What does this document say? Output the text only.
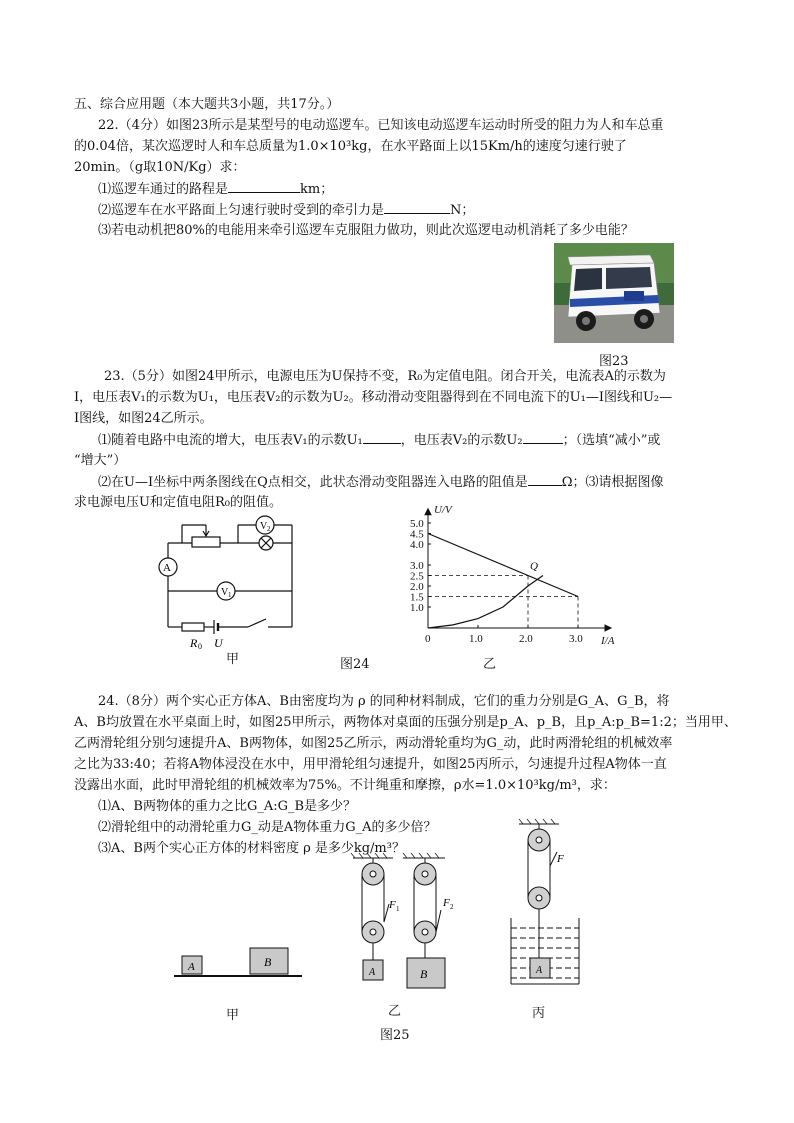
五、综合应用题（本大题共3小题，共17分。）
22.（4分）如图23所示是某型号的电动巡逻车。已知该电动巡逻车运动时所受的阻力为人和车总重
的0.04倍，某次巡逻时人和车总质量为1.0×10³kg，在水平路面上以15Km/h的速度匀速行驶了
20min。（g取10N/Kg）求：
⑴巡逻车通过的路程是	km；
⑵巡逻车在水平路面上匀速行驶时受到的牵引力是	N；
⑶若电动机把80%的电能用来牵引巡逻车克服阻力做功，则此次巡逻电动机消耗了多少电能？
图23
23.（5分）如图24甲所示，电源电压为U保持不变，R₀为定值电阻。闭合开关，电流表A的示数为
I，电压表V₁的示数为U₁，电压表V₂的示数为U₂。移动滑动变阻器得到在不同电流下的U₁—I图线和U₂—
I图线，如图24乙所示。
⑴随着电路中电流的增大，电压表V₁的示数U₁	，电压表V₂的示数U₂	；（选填“减小”或
“增大”）
⑵在U—I坐标中两条图线在Q点相交，此状态滑动变阻器连入电路的阻值是	Ω；⑶请根据图像
求电源电压U和定值电阻R₀的阻值。
A
V 2
V 1
R 0 U
甲	图24
0	1.0	2.0	3.0
1.0
1.5
2.0
2.5
3.0
4.0
4.5
5.0
I/A
U/V
Q
乙
24.（8分）两个实心正方体A、B由密度均为 ρ 的同种材料制成，它们的重力分别是G_A、G_B，将
A、B均放置在水平桌面上时，如图25甲所示，两物体对桌面的压强分别是p_A、p_B，且p_A:p_B=1:2；当用甲、
乙两滑轮组分别匀速提升A、B两物体，如图25乙所示，两动滑轮重均为G_动，此时两滑轮组的机械效率
之比为33:40；若将A物体浸没在水中，用甲滑轮组匀速提升，如图25丙所示，匀速提升过程A物体一直
没露出水面，此时甲滑轮组的机械效率为75%。不计绳重和摩擦，ρ水=1.0×10³kg/m³，求：
⑴A、B两物体的重力之比G_A:G_B是多少？
⑵滑轮组中的动滑轮重力G_动是A物体重力G_A的多少倍？
⑶A、B两个实心正方体的材料密度 ρ 是多少kg/m³？
A	B
甲
A	B
F 1	F 2
乙
A
F
丙
图25
